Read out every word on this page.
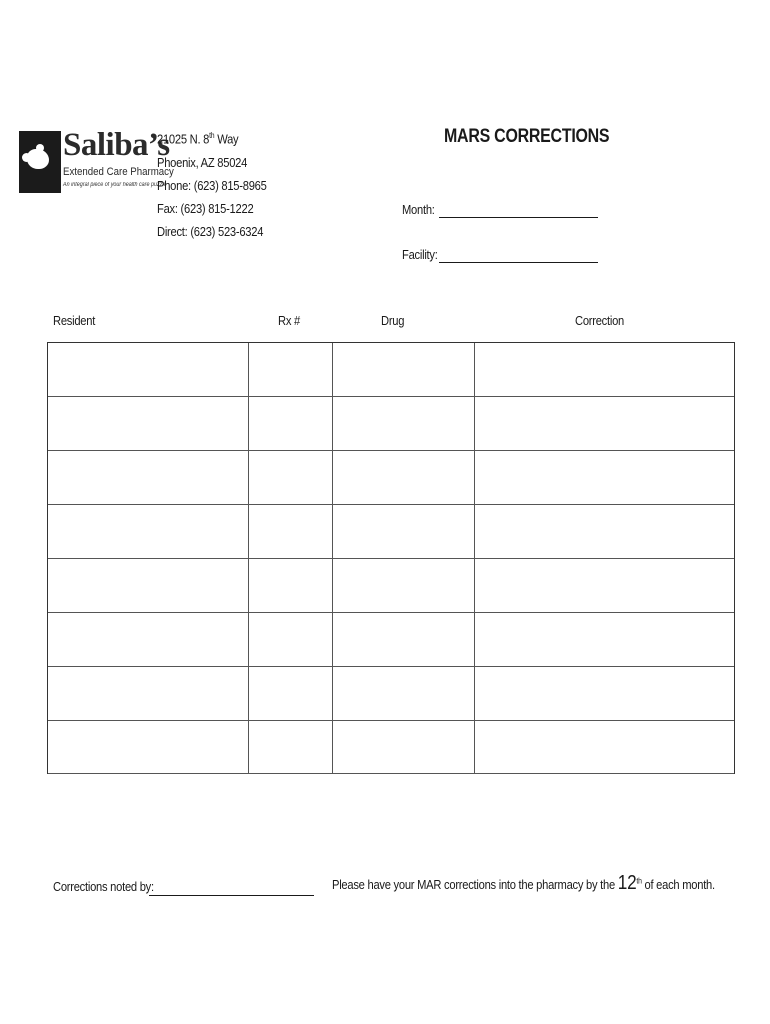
Saliba’s
Extended Care Pharmacy
An integral piece of your health care puzzle
21025 N. 8th Way
Phoenix, AZ 85024
Phone: (623) 815-8965
Fax: (623) 815-1222
Direct: (623) 523-6324
MARS CORRECTIONS
Month:
Facility:
Resident	Rx #	Drug	Correction
Corrections noted by:	Please have your MAR corrections into the pharmacy by the 12th of each month.
